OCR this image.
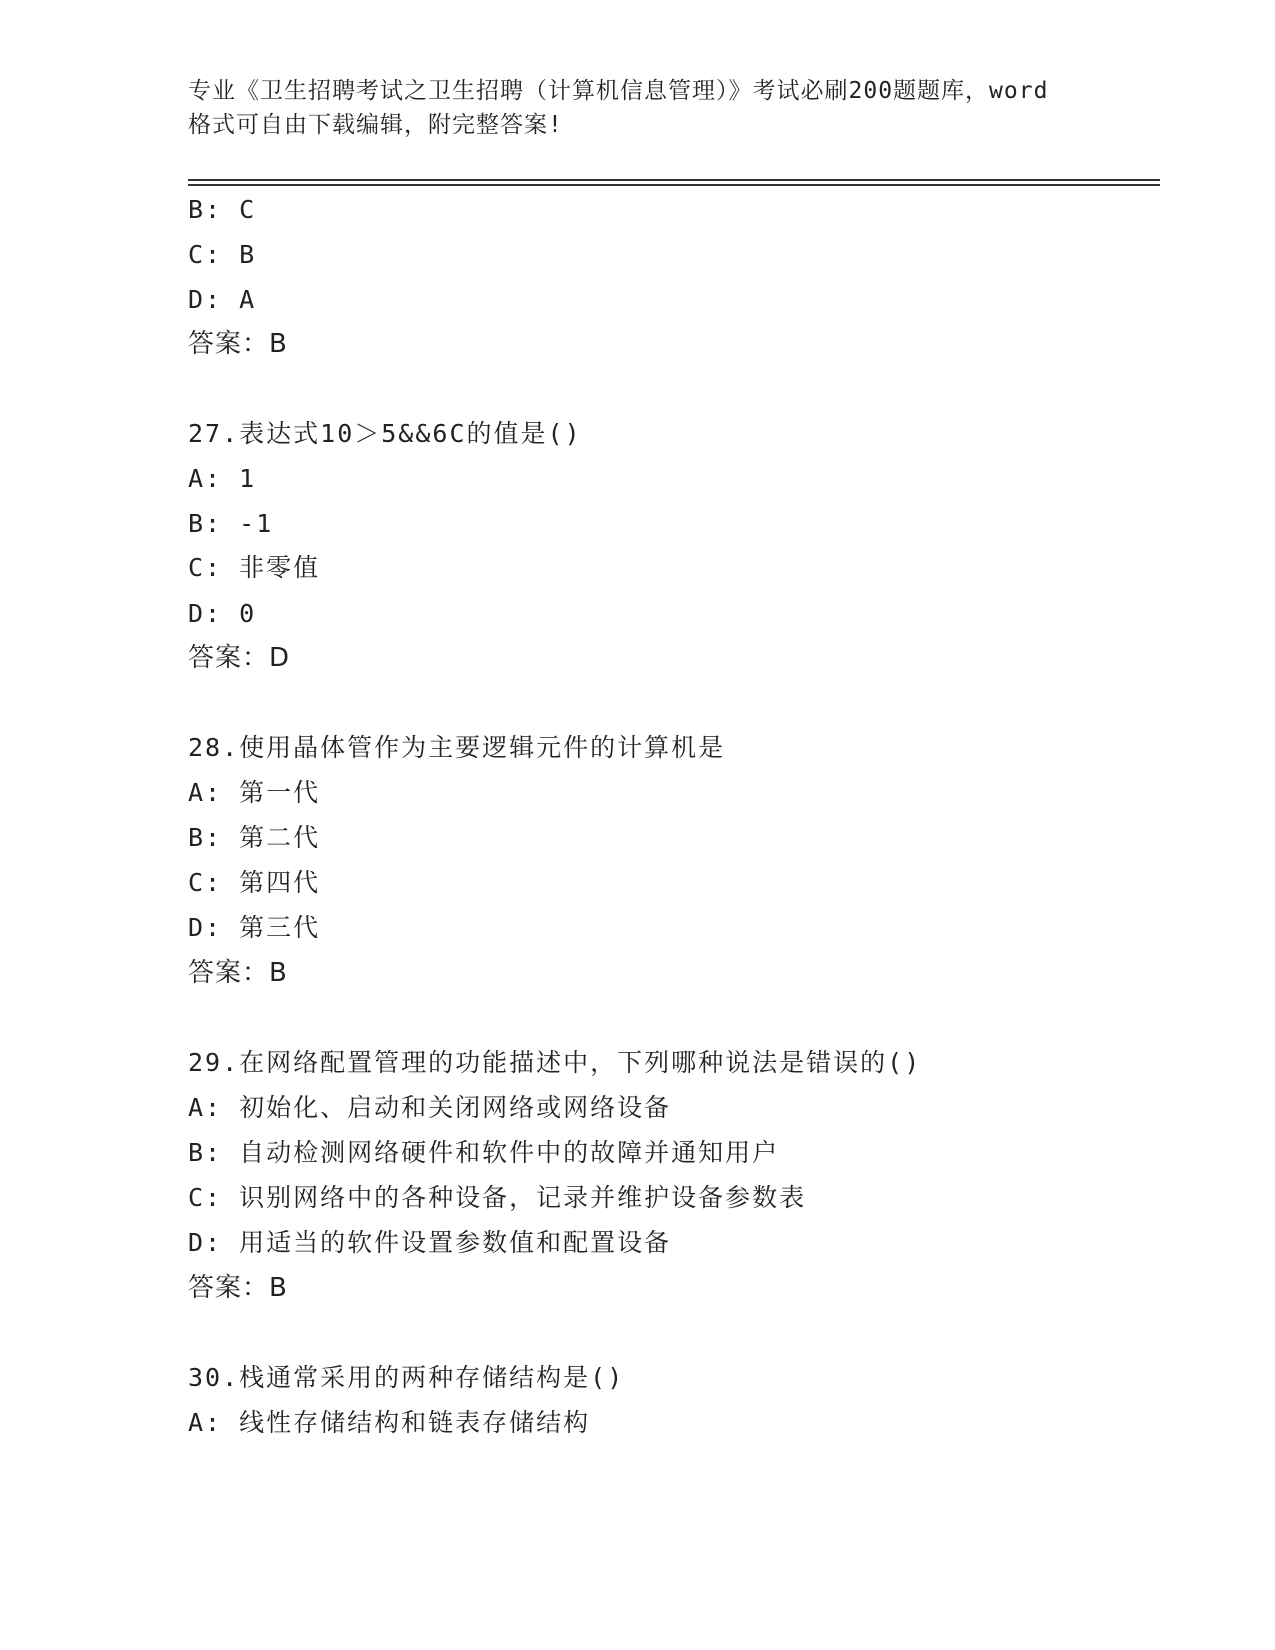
专业《卫生招聘考试之卫生招聘（计算机信息管理）》考试必刷200题题库，word
格式可自由下载编辑，附完整答案!
B: C
C: B
D: A
答案：B
27.表达式10＞5&&6C的值是()
A: 1
B: -1
C: 非零值
D: 0
答案：D
28.使用晶体管作为主要逻辑元件的计算机是
A: 第一代
B: 第二代
C: 第四代
D: 第三代
答案：B
29.在网络配置管理的功能描述中，下列哪种说法是错误的()
A: 初始化、启动和关闭网络或网络设备
B: 自动检测网络硬件和软件中的故障并通知用户
C: 识别网络中的各种设备，记录并维护设备参数表
D: 用适当的软件设置参数值和配置设备
答案：B
30.栈通常采用的两种存储结构是()
A: 线性存储结构和链表存储结构
